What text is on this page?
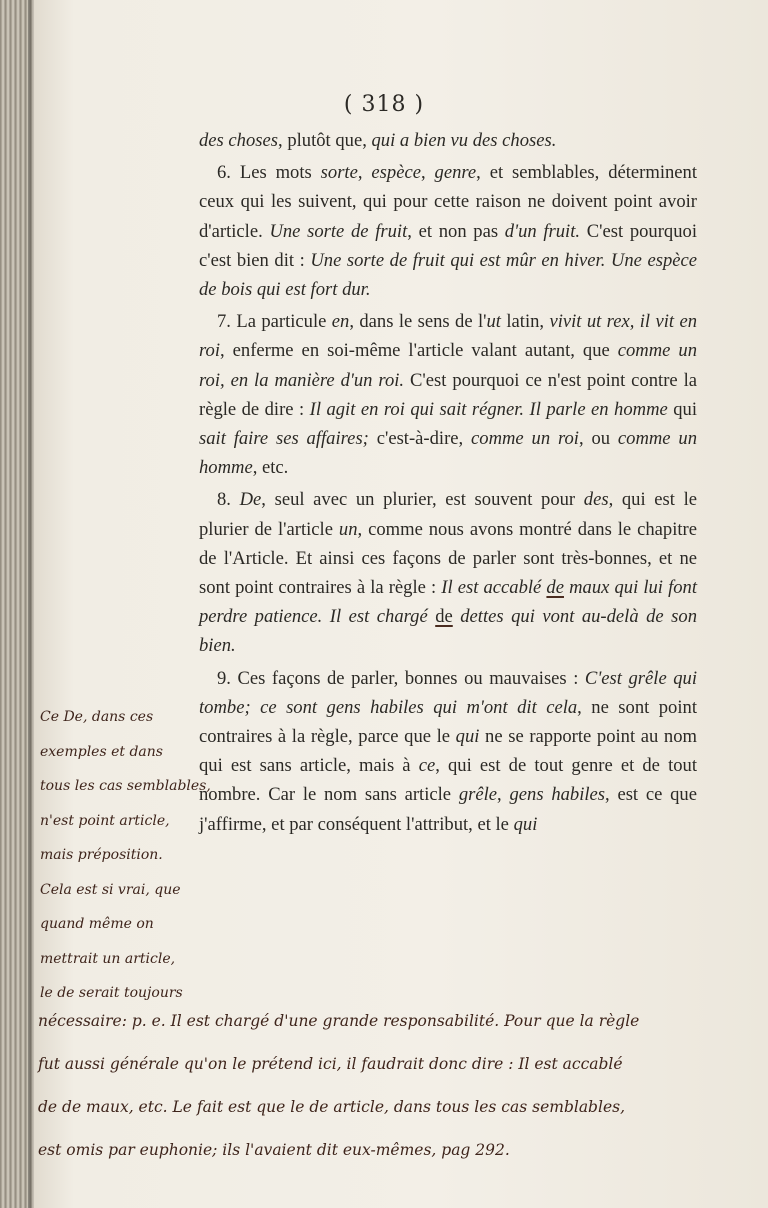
( 318 )

des choses, plutôt que, qui a bien vu des choses.

6. Les mots sorte, espèce, genre, et semblables, déterminent ceux qui les suivent, qui pour cette raison ne doivent point avoir d'article. Une sorte de fruit, et non pas d'un fruit. C'est pourquoi c'est bien dit : Une sorte de fruit qui est mûr en hiver. Une espèce de bois qui est fort dur.

7. La particule en, dans le sens de l'ut latin, vivit ut rex, il vit en roi, enferme en soi-même l'article valant autant, que comme un roi, en la manière d'un roi. C'est pourquoi ce n'est point contre la règle de dire : Il agit en roi qui sait régner. Il parle en homme qui sait faire ses affaires; c'est-à-dire, comme un roi, ou comme un homme, etc.

8. De, seul avec un plurier, est souvent pour des, qui est le plurier de l'article un, comme nous avons montré dans le chapitre de l'Article. Et ainsi ces façons de parler sont très-bonnes, et ne sont point contraires à la règle : Il est accablé de maux qui lui font perdre patience. Il est chargé de dettes qui vont au-delà de son bien.

9. Ces façons de parler, bonnes ou mauvaises : C'est grêle qui tombe; ce sont gens habiles qui m'ont dit cela, ne sont point contraires à la règle, parce que le qui ne se rapporte point au nom qui est sans article, mais à ce, qui est de tout genre et de tout nombre. Car le nom sans article grêle, gens habiles, est ce que j'affirme, et par conséquent l'attribut, et le qui

Ce De, dans ces
exemples et dans
tous les cas semblables,
n'est point article,
mais préposition.
Cela est si vrai, que
quand même on
mettrait un article,
le de serait toujours
nécessaire: p. e. Il est chargé d'une grande responsabilité. Pour que la règle
fut aussi générale qu'on le prétend ici, il faudrait donc dire : Il est accablé
de de maux, etc. Le fait est que le de article, dans tous les cas semblables,
est omis par euphonie; ils l'avaient dit eux-mêmes, pag 292.
